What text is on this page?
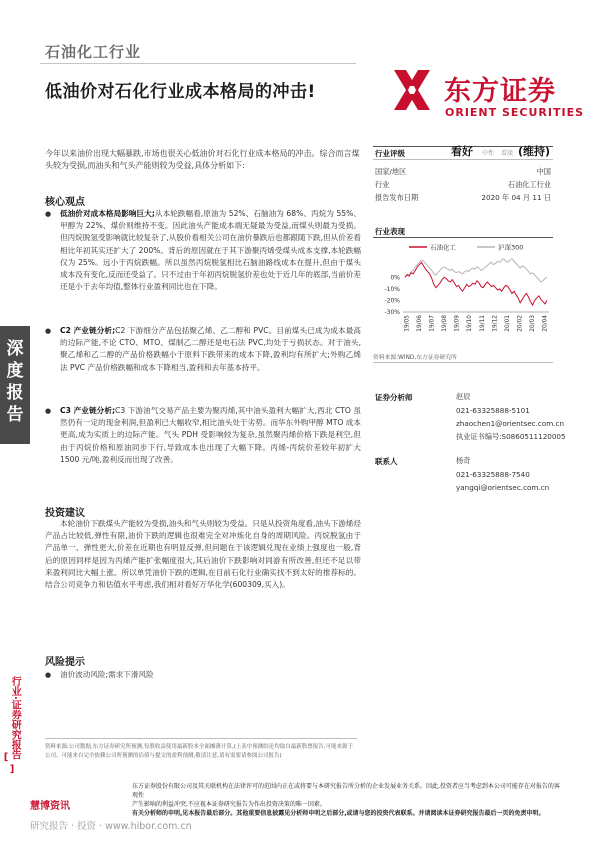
石油化工行业
低油价对石化行业成本格局的冲击!	东方证券
ORIENT SECURITIES
深度报告
[行业·证券研究报告]
今年以来油价出现大幅暴跌,市场也很关心低油价对石化行业成本格局的冲击。综合而言煤头较为受损,而油头和气头产能则较为受益,具体分析如下:
核心观点
● 低油价对成本格局影响巨大;从本轮跌幅看,原油为 52%、石脑油为 68%、丙烷为 55%、甲醇为 22%、煤价则维持不变。因此油头产能成本端无疑最为受益,而煤头则最为受损。但丙烷脱氢受影响就比较复杂了,从股价看相关公司在油价暴跌后也都跟随下跌,但从价差看相比年初其实还扩大了 200%。背后的原因就在于其下游聚丙烯受煤头成本支撑,本轮跌幅仅为 25%。远小于丙烷跌幅。所以虽然丙烷脱氢相比石脑油路线成本在提升,但由于煤头成本没有变化,反而还受益了。只不过由于年初丙烷脱氢价差也处于近几年的底部,当前价差还是小于去年均值,整体行业盈利同比也在下降。
● C2 产业链分析;C2 下游细分产品包括聚乙烯、乙二醇和 PVC。目前煤头已成为成本最高的边际产能,不论 CTO、MTO、煤制乙二醇还是电石法 PVC,均处于亏损状态。对于油头,聚乙烯和乙二醇的产品价格跌幅小于原料下跌带来的成本下降,盈利均有所扩大;外购乙烯法 PVC 产品价格跌幅和成本下降相当,盈利和去年基本持平。
● C3 产业链分析;C3 下游油气交易产品主要为聚丙烯,其中油头盈利大幅扩大,西北 CTO 虽然仍有一定的现金利润,但盈利已大幅收窄,相比油头处于劣势。而华东外购甲醇 MTO 成本更高,成为实质上的边际产能。气头 PDH 受影响较为复杂,虽然聚丙烯价格下跌是利空,但由于丙烷价格和原油同步下行,导致成本也出现了大幅下降。丙烯-丙烷价差较年初扩大 1500 元/吨,盈利反而出现了改善。
投资建议
本轮油价下跌煤头产能较为受损,油头和气头则较为受益。只是从投资角度看,油头下游烯烃产品占比较低,弹性有限,油价下跌的逻辑也很难完全对冲炼化自身的周期风险。丙烷脱氢由于产品单一、弹性更大,价差在近期也有明显反弹,但问题在于该逻辑兑现在业绩上强度也一般,背后的原因同样是因为丙烯产能扩张幅度很大,其后油价下跌影响对同游有所改善,但还不足以带来盈利同比大幅上涨。所以单凭油价下跌的逻辑,在目前石化行业确实找不到太好的推荐标的。结合公司竞争力和估值水平考虑,我们相对看好万华化学(600309,买入)。
风险提示
● 油价波动风险;需求下滑风险
行业评级	看好 中性 看淡 (维持)
国家/地区	中国
行业	石油化工行业
报告发布日期	2020 年 04 月 11 日
行业表现
石油化工	沪深300
0%
-10%
-20%
-30%
19/05 19/06 19/07 19/08 19/09 19/10 19/11 19/12 20/01 20/02 20/03 20/04
资料来源:WIND,东方证券研究所
证券分析师	赵辰
021-63325888-5101
zhaochen1@orientsec.com.cn
执业证书编号:S0860511120005
联系人	杨奇
021-63325888-7540
yangqi@orientsec.com.cn
资料来源:公司数据,东方证券研究所预测,每股收益使用最新股本全面摊薄计算,(上表中预测结论均取自最新股票报告,可能来源于公司、可能来自完全依赖公司所预测的估值与提交的盈利预测,敬请注意,请有需要请参阅公司报告)
东方证券股份有限公司及其关联机构在法律许可的范围内正在或将要与本研究报告所分析的企业发展业务关系。因此,投资者应当考虑到本公司可能存在对报告的客观性
产生影响的利益冲突,不应视本证券研究报告为作出投资决策的唯一因素。
有关分析师的申明,见本报告最后部分。其他重要信息披露见分析师申明之后部分,或请与您的投资代表联系。并请阅读本证券研究报告最后一页的免责申明。
慧博资讯
研究报告 · 投资 · www.hibor.com.cn
